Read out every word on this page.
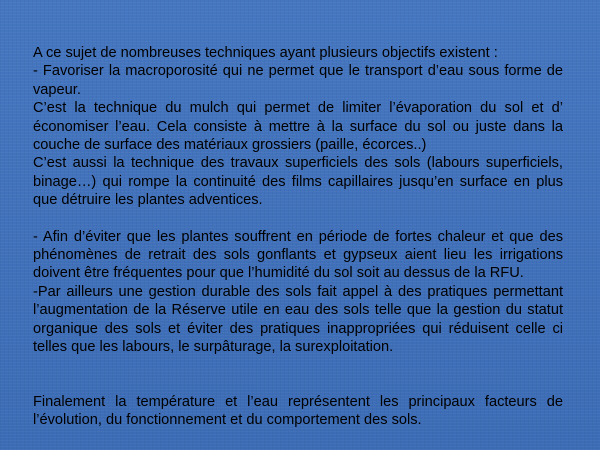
A ce sujet de nombreuses techniques ayant plusieurs objectifs existent :

- Favoriser la macroporosité qui ne permet que le transport d’eau sous forme de vapeur.

C’est la technique du mulch qui permet de limiter l’évaporation du sol et d’ économiser l’eau. Cela consiste à mettre à la surface du sol ou juste dans la couche de surface des matériaux grossiers (paille, écorces..)

C’est aussi la technique des travaux superficiels des sols (labours superficiels, binage…) qui rompe la continuité des films capillaires jusqu’en surface en plus que détruire les plantes adventices.

- Afin d’éviter que les plantes souffrent en période de fortes chaleur et que des phénomènes de retrait des sols gonflants et gypseux aient lieu les irrigations doivent être fréquentes pour que l’humidité du sol soit au dessus de la RFU.

-Par ailleurs une gestion durable des sols fait appel à des pratiques permettant l’augmentation de la Réserve utile en eau des sols telle que la gestion du statut organique des sols et éviter des pratiques inappropriées qui réduisent celle ci telles que les labours, le surpâturage, la surexploitation.

Finalement la température et l’eau représentent les principaux facteurs de l’évolution, du fonctionnement et du comportement des sols.
